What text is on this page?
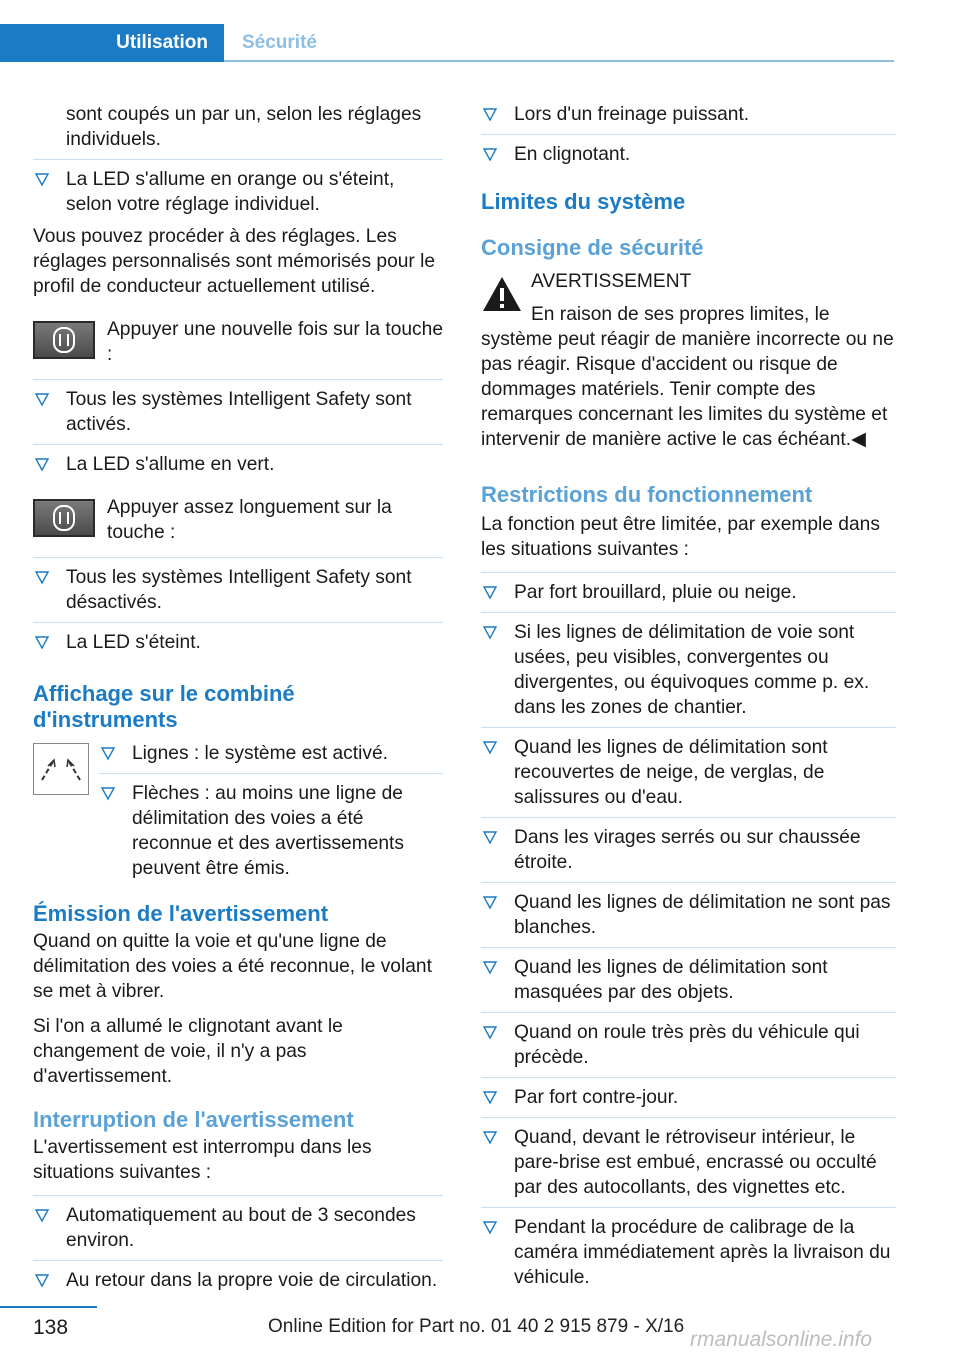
Utilisation	Sécurité
sont coupés un par un, selon les réglages individuels.
La LED s'allume en orange ou s'éteint, selon votre réglage individuel.
Vous pouvez procéder à des réglages. Les réglages personnalisés sont mémorisés pour le profil de conducteur actuellement utilisé.
Appuyer une nouvelle fois sur la touche :
Tous les systèmes Intelligent Safety sont activés.
La LED s'allume en vert.
Appuyer assez longuement sur la touche :
Tous les systèmes Intelligent Safety sont désactivés.
La LED s'éteint.
Affichage sur le combiné d'instruments
Lignes : le système est activé.
Flèches : au moins une ligne de délimitation des voies a été reconnue et des avertissements peuvent être émis.
Émission de l'avertissement
Quand on quitte la voie et qu'une ligne de délimitation des voies a été reconnue, le volant se met à vibrer.
Si l'on a allumé le clignotant avant le changement de voie, il n'y a pas d'avertissement.
Interruption de l'avertissement
L'avertissement est interrompu dans les situations suivantes :
Automatiquement au bout de 3 secondes environ.
Au retour dans la propre voie de circulation.
Lors d'un freinage puissant.
En clignotant.
Limites du système
Consigne de sécurité
AVERTISSEMENT
En raison de ses propres limites, le système peut réagir de manière incorrecte ou ne pas réagir. Risque d'accident ou risque de dommages matériels. Tenir compte des remarques concernant les limites du système et intervenir de manière active le cas échéant.◀
Restrictions du fonctionnement
La fonction peut être limitée, par exemple dans les situations suivantes :
Par fort brouillard, pluie ou neige.
Si les lignes de délimitation de voie sont usées, peu visibles, convergentes ou divergentes, ou équivoques comme p. ex. dans les zones de chantier.
Quand les lignes de délimitation sont recouvertes de neige, de verglas, de salissures ou d'eau.
Dans les virages serrés ou sur chaussée étroite.
Quand les lignes de délimitation ne sont pas blanches.
Quand les lignes de délimitation sont masquées par des objets.
Quand on roule très près du véhicule qui précède.
Par fort contre-jour.
Quand, devant le rétroviseur intérieur, le pare-brise est embué, encrassé ou occulté par des autocollants, des vignettes etc.
Pendant la procédure de calibrage de la caméra immédiatement après la livraison du véhicule.
138	Online Edition for Part no. 01 40 2 915 879 - X/16
rmanualsonline.info
